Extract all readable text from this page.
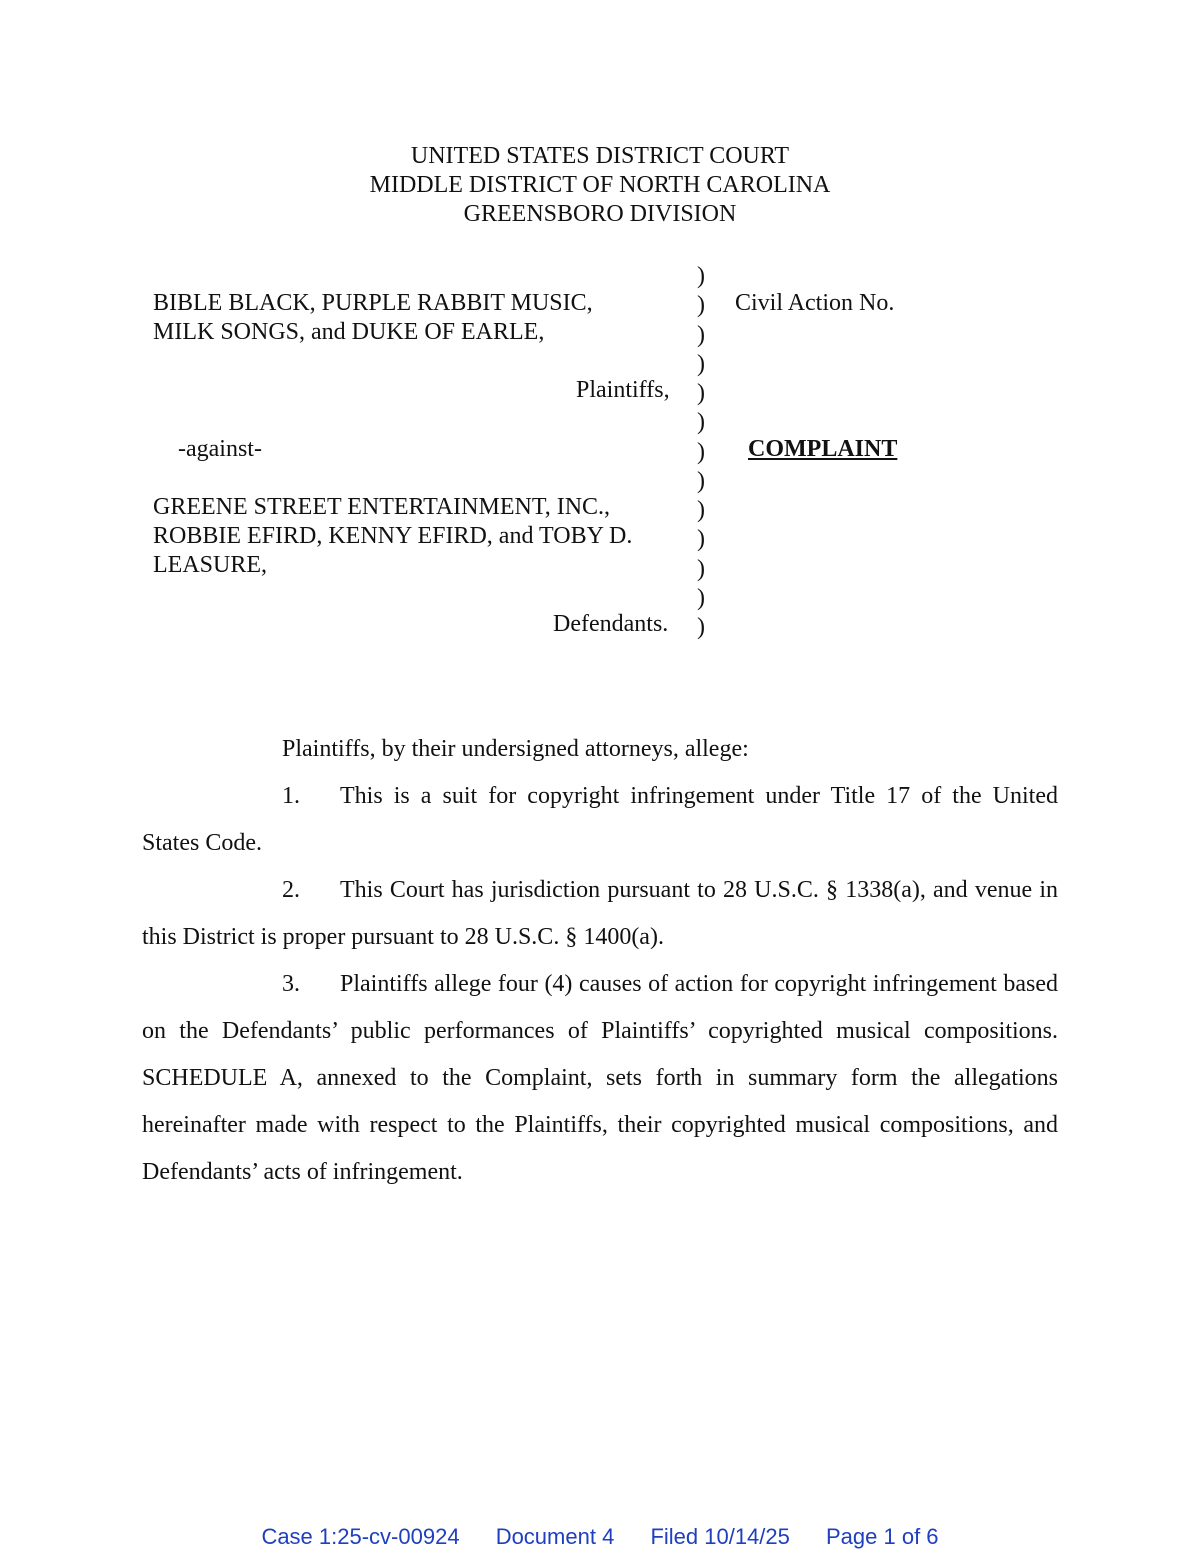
UNITED STATES DISTRICT COURT
MIDDLE DISTRICT OF NORTH CAROLINA
GREENSBORO DIVISION
BIBLE BLACK, PURPLE RABBIT MUSIC,
MILK SONGS, and DUKE OF EARLE,
Plaintiffs,
-against-
GREENE STREET ENTERTAINMENT, INC.,
ROBBIE EFIRD, KENNY EFIRD, and TOBY D.
LEASURE,
Defendants.
)
)
)
)
)
)
)
)
)
)
)
)
)
Civil Action No.
COMPLAINT
Plaintiffs, by their undersigned attorneys, allege:

1. This is a suit for copyright infringement under Title 17 of the United States Code.

2. This Court has jurisdiction pursuant to 28 U.S.C. § 1338(a), and venue in this District is proper pursuant to 28 U.S.C. § 1400(a).

3. Plaintiffs allege four (4) causes of action for copyright infringement based on the Defendants’ public performances of Plaintiffs’ copyrighted musical compositions. SCHEDULE A, annexed to the Complaint, sets forth in summary form the allegations hereinafter made with respect to the Plaintiffs, their copyrighted musical compositions, and Defendants’ acts of infringement.

Case 1:25-cv-00924 Document 4 Filed 10/14/25 Page 1 of 6
